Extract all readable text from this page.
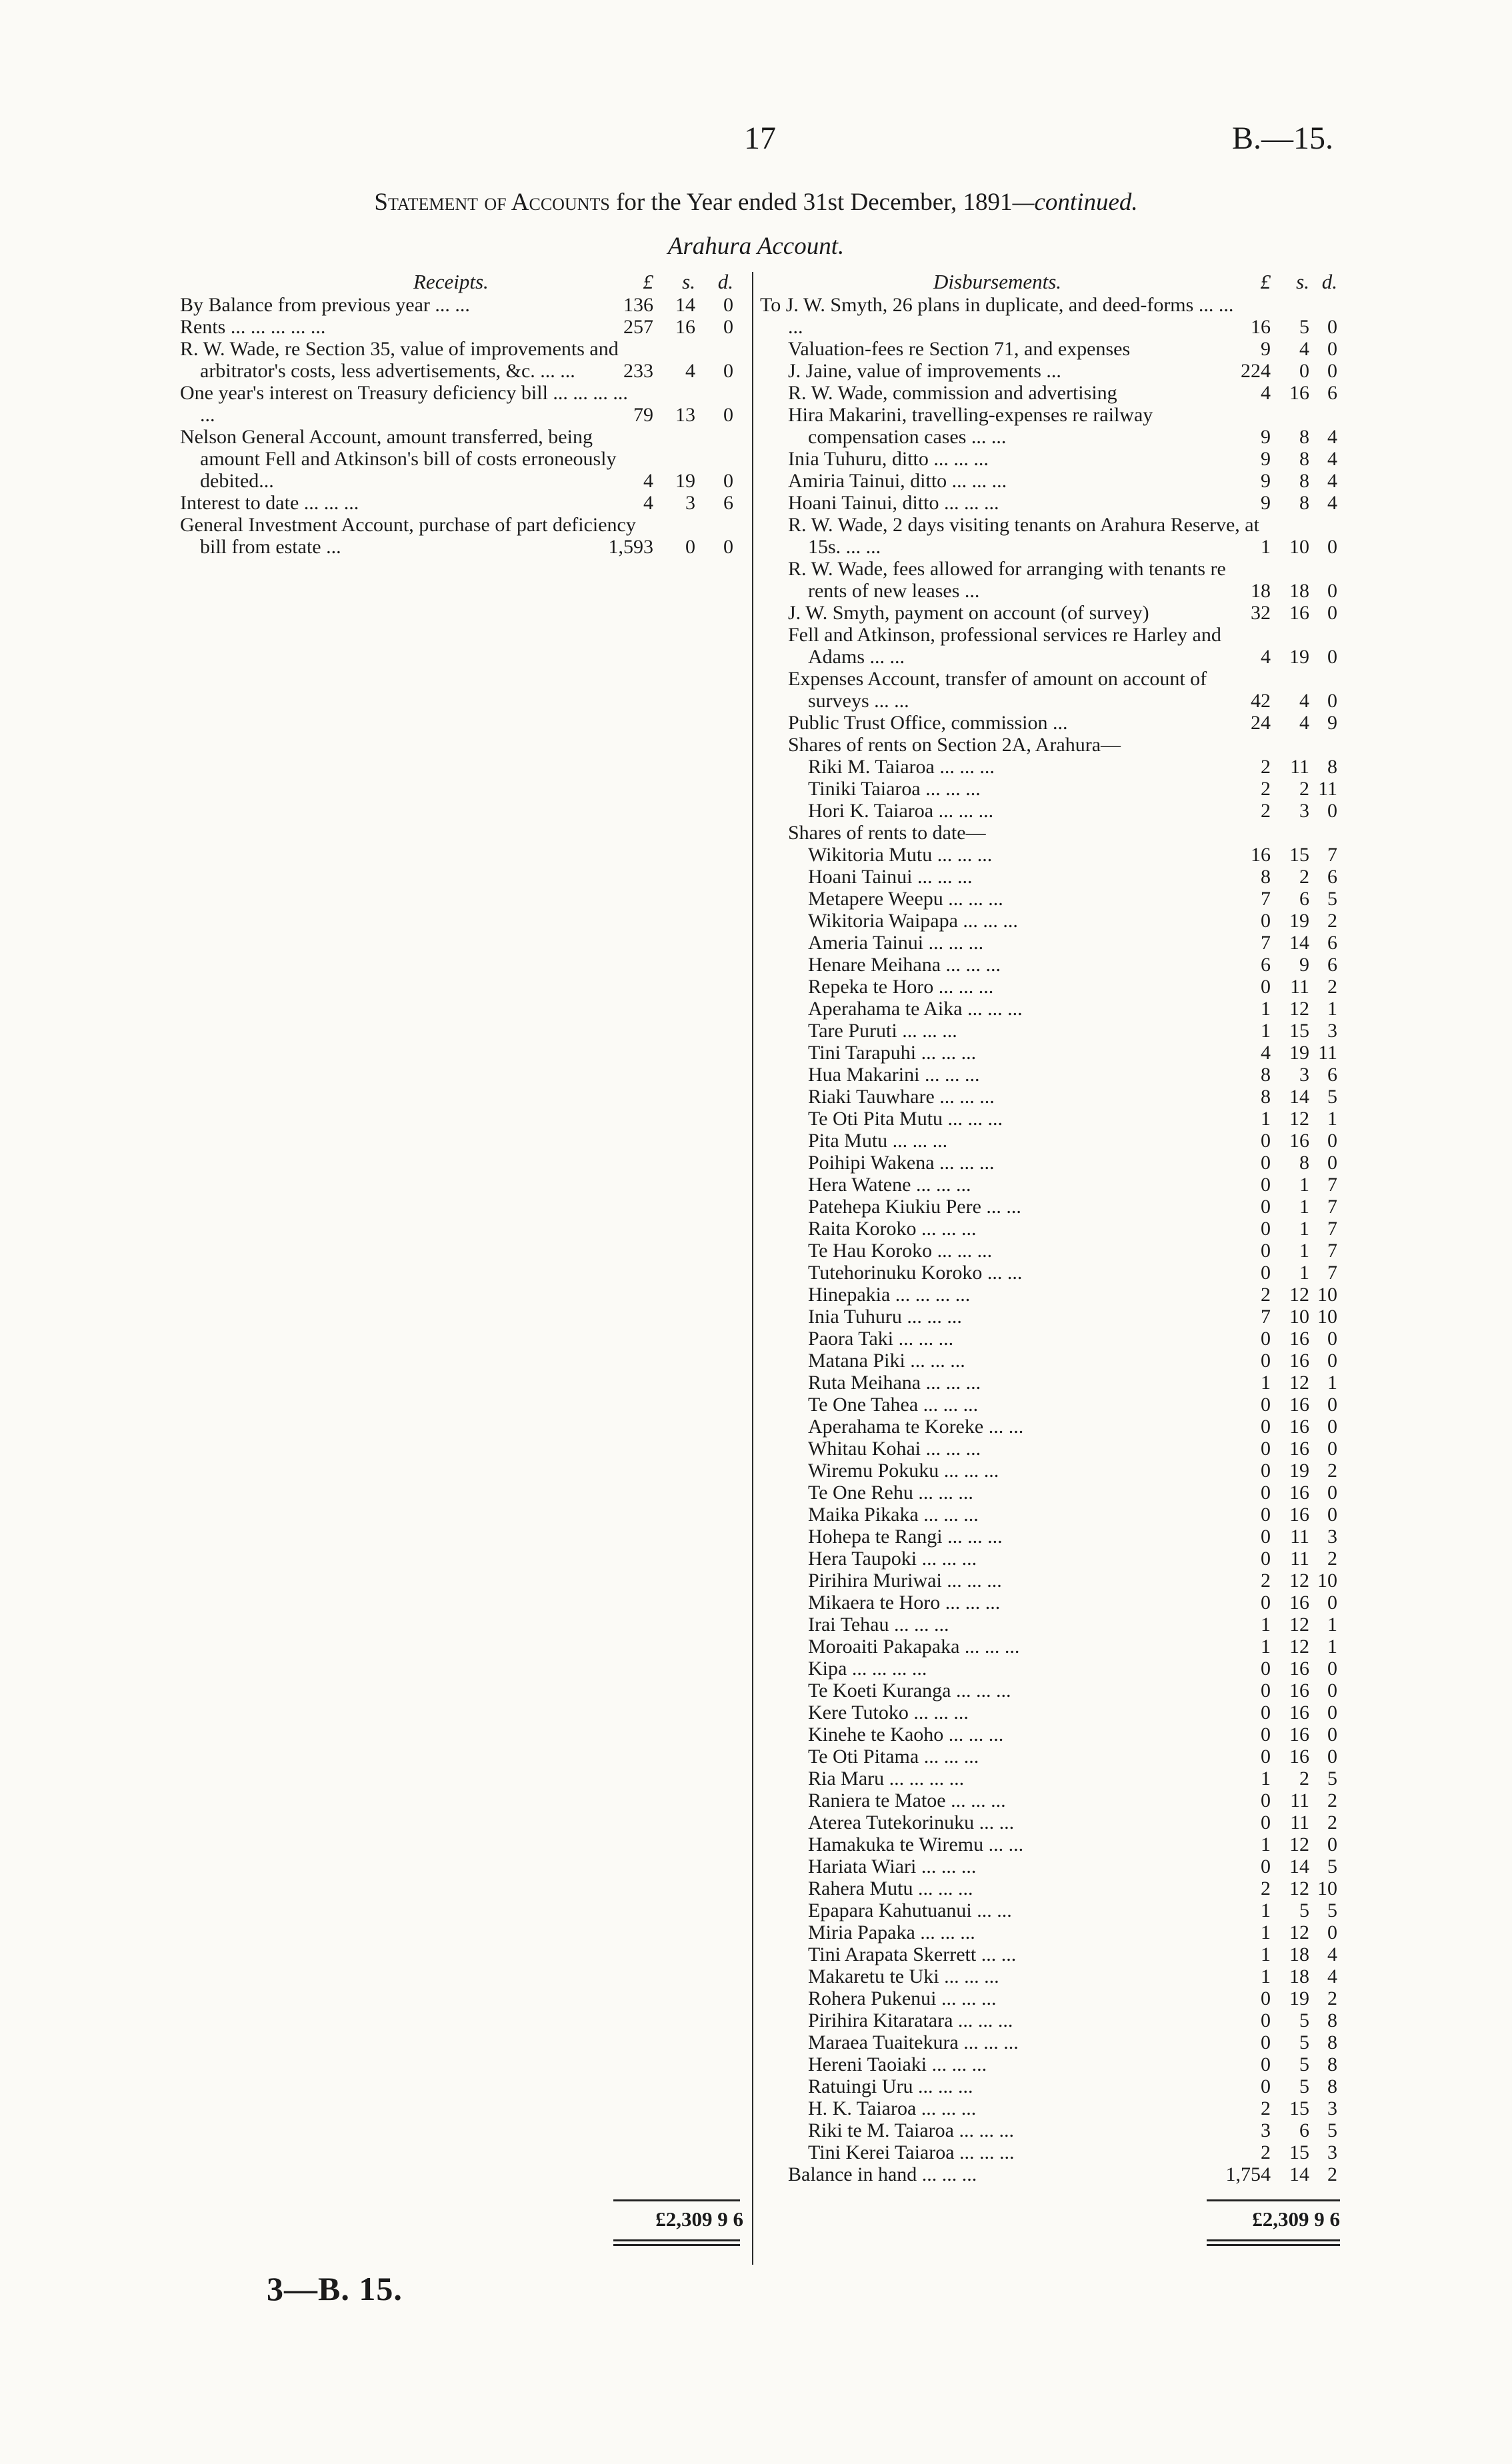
17	B.—15.
Statement of Accounts for the Year ended 31st December, 1891—continued.
Arahura Account.
Receipts.	£	s.	d.
By Balance from previous year ... ...	136	14	0
Rents ... ... ... ... ...	257	16	0
R. W. Wade, re Section 35, value of improvements and arbitrator's costs, less advertisements, &c. ... ...	233	4	0
One year's interest on Treasury deficiency bill ... ... ... ... ...	79	13	0
Nelson General Account, amount transferred, being amount Fell and Atkinson's bill of costs erroneously debited...	4	19	0
Interest to date ... ... ...	4	3	6
General Investment Account, purchase of part deficiency bill from estate ...	1,593	0	0
Disbursements.	£	s. d.
To J. W. Smyth, 26 plans in duplicate, and deed-forms ... ... ...	16	5 0
Valuation-fees re Section 71, and expenses	9	4 0
J. Jaine, value of improvements ...	224	0 0
R. W. Wade, commission and advertising	4 16 6
Hira Makarini, travelling-expenses re railway compensation cases ... ...	9	8 4
Inia Tuhuru, ditto ... ... ...	9	8 4
Amiria Tainui, ditto ... ... ...	9	8 4
Hoani Tainui, ditto ... ... ...	9	8 4
R. W. Wade, 2 days visiting tenants on Arahura Reserve, at 15s. ... ...	1 10 0
R. W. Wade, fees allowed for arranging with tenants re rents of new leases ...	18 18 0
J. W. Smyth, payment on account (of survey)	32 16 0
Fell and Atkinson, professional services re Harley and Adams ... ...	4 19 0
Expenses Account, transfer of amount on account of surveys ... ...	42	4 0
Public Trust Office, commission ...	24	4 9
Shares of rents on Section 2A, Arahura—
Riki M. Taiaroa ... ... ...	2 11 8
Tiniki Taiaroa ... ... ...	2	2 11
Hori K. Taiaroa ... ... ...	2	3 0
Shares of rents to date—
Wikitoria Mutu ... ... ...	16 15 7
Hoani Tainui ... ... ...	8	2 6
Metapere Weepu ... ... ...	7	6 5
Wikitoria Waipapa ... ... ...	0 19 2
Ameria Tainui ... ... ...	7 14 6
Henare Meihana ... ... ...	6	9 6
Repeka te Horo ... ... ...	0 11 2
Aperahama te Aika ... ... ...	1 12 1
Tare Puruti ... ... ...	1 15 3
Tini Tarapuhi ... ... ...	4 19 11
Hua Makarini ... ... ...	8	3 6
Riaki Tauwhare ... ... ...	8 14 5
Te Oti Pita Mutu ... ... ...	1 12 1
Pita Mutu ... ... ...	0 16 0
Poihipi Wakena ... ... ...	0	8 0
Hera Watene ... ... ...	0	1 7
Patehepa Kiukiu Pere ... ...	0	1 7
Raita Koroko ... ... ...	0	1 7
Te Hau Koroko ... ... ...	0	1 7
Tutehorinuku Koroko ... ...	0	1 7
Hinepakia ... ... ... ...	2 12 10
Inia Tuhuru ... ... ...	7 10 10
Paora Taki ... ... ...	0 16 0
Matana Piki ... ... ...	0 16 0
Ruta Meihana ... ... ...	1 12 1
Te One Tahea ... ... ...	0 16 0
Aperahama te Koreke ... ...	0 16 0
Whitau Kohai ... ... ...	0 16 0
Wiremu Pokuku ... ... ...	0 19 2
Te One Rehu ... ... ...	0 16 0
Maika Pikaka ... ... ...	0 16 0
Hohepa te Rangi ... ... ...	0 11 3
Hera Taupoki ... ... ...	0 11 2
Pirihira Muriwai ... ... ...	2 12 10
Mikaera te Horo ... ... ...	0 16 0
Irai Tehau ... ... ...	1 12 1
Moroaiti Pakapaka ... ... ...	1 12 1
Kipa ... ... ... ...	0 16 0
Te Koeti Kuranga ... ... ...	0 16 0
Kere Tutoko ... ... ...	0 16 0
Kinehe te Kaoho ... ... ...	0 16 0
Te Oti Pitama ... ... ...	0 16 0
Ria Maru ... ... ... ...	1	2 5
Raniera te Matoe ... ... ...	0 11 2
Aterea Tutekorinuku ... ...	0 11 2
Hamakuka te Wiremu ... ...	1 12 0
Hariata Wiari ... ... ...	0 14 5
Rahera Mutu ... ... ...	2 12 10
Epapara Kahutuanui ... ...	1	5 5
Miria Papaka ... ... ...	1 12 0
Tini Arapata Skerrett ... ...	1 18 4
Makaretu te Uki ... ... ...	1 18 4
Rohera Pukenui ... ... ...	0 19 2
Pirihira Kitaratara ... ... ...	0	5 8
Maraea Tuaitekura ... ... ...	0	5 8
Hereni Taoiaki ... ... ...	0	5 8
Ratuingi Uru ... ... ...	0	5 8
H. K. Taiaroa ... ... ...	2 15 3
Riki te M. Taiaroa ... ... ...	3	6 5
Tini Kerei Taiaroa ... ... ...	2 15 3
Balance in hand ... ... ...	1,754 14 2
£2,309 9 6	£2,309 9 6
3—B. 15.
